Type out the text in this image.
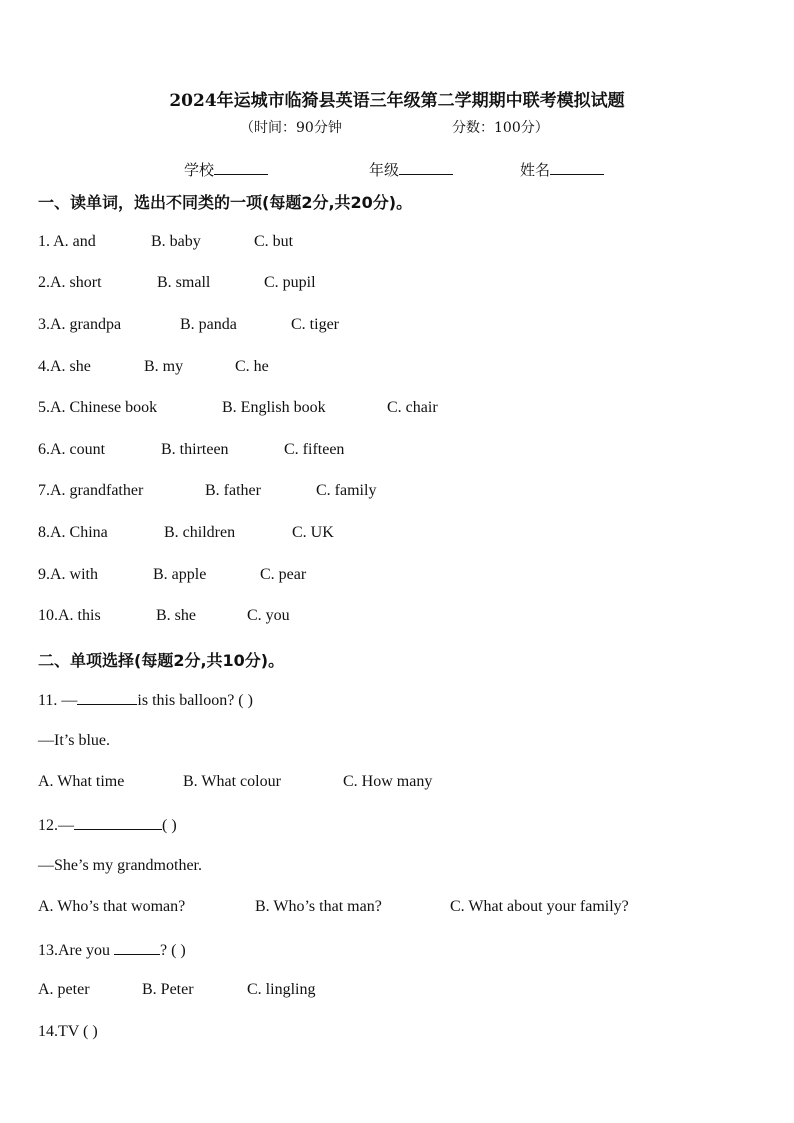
2024年运城市临猗县英语三年级第二学期期中联考模拟试题
（时间：90分钟	分数：100分）
学校	年级	姓名
一、读单词，选出不同类的一项(每题2分,共20分)。
1. A. and	B. baby	C. but
2.A. short	B. small	C. pupil
3.A. grandpa	B. panda	C. tiger
4.A. she	B. my	C. he
5.A. Chinese book	B. English book	C. chair
6.A. count	B. thirteen	C. fifteen
7.A. grandfather	B. father	C. family
8.A. China	B. children	C. UK
9.A. with	B. apple	C. pear
10.A. this	B. she	C. you
二、单项选择(每题2分,共10分)。
11. —	is this balloon? ( )
—It’s blue.
A. What time	B. What colour	C. How many
12.—	( )
—She’s my grandmother.
A. Who’s that woman?	B. Who’s that man?	C. What about your family?
13.Are you	? ( )
A. peter	B. Peter	C. lingling
14.TV ( )
